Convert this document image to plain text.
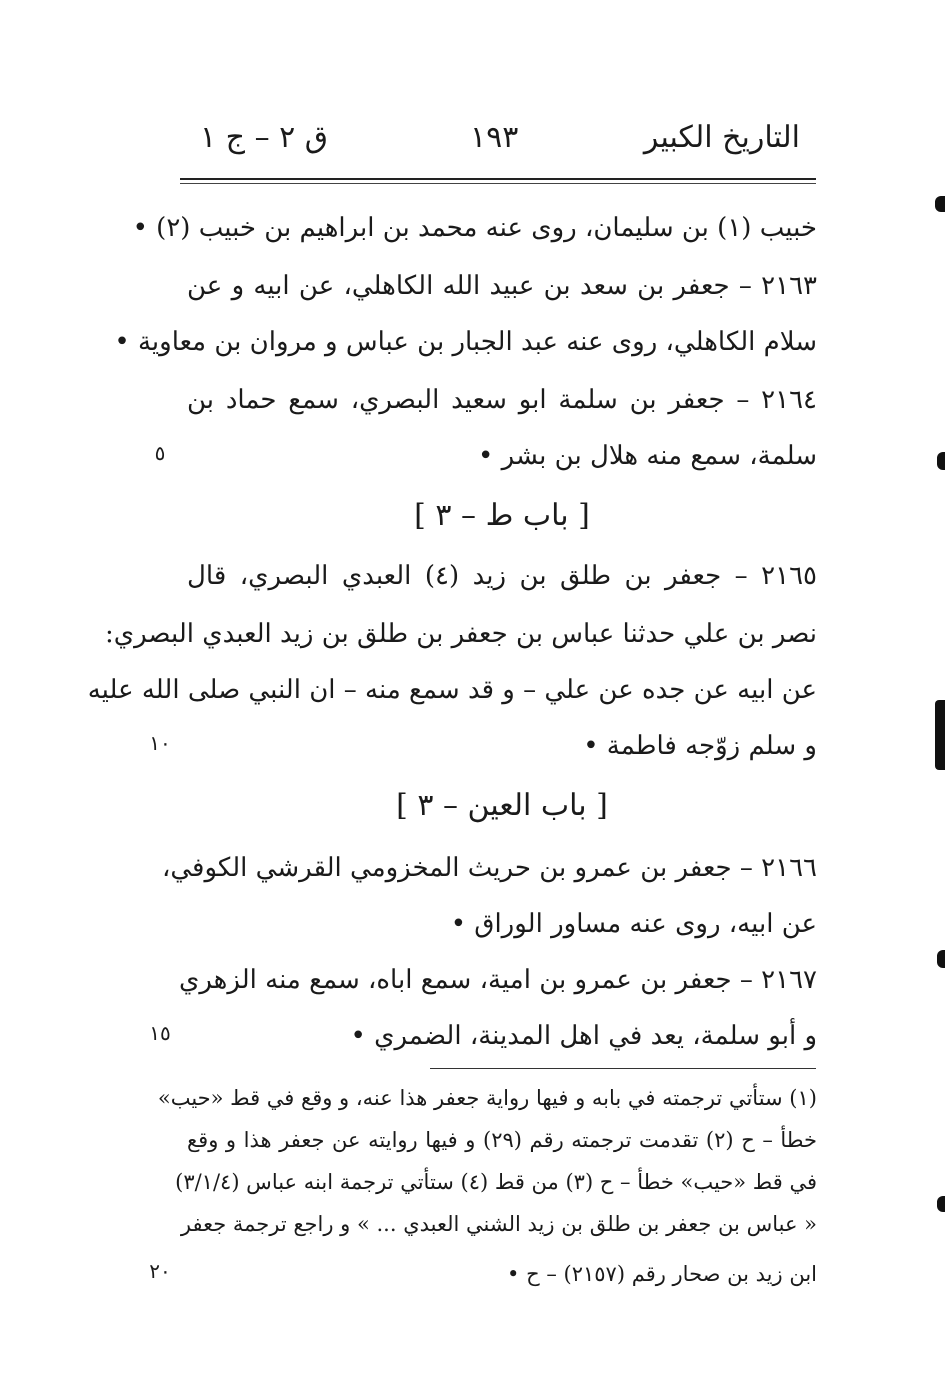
التاريخ الكبير
١٩٣
ق ٢ – ج ١
خبيب (١) بن سليمان، روى عنه محمد بن ابراهيم بن خبيب (٢) •
٢١٦٣ – جعفر بن سعد بن عبيد الله الكاهلي، عن ابيه و عن
سلام الكاهلي، روى عنه عبد الجبار بن عباس و مروان بن معاوية •
٢١٦٤ – جعفر بن سلمة ابو سعيد البصري، سمع حماد بن
سلمة، سمع منه هلال بن بشر •
[ باب ط – ٣ ]
٢١٦٥ – جعفر بن طلق بن زيد (٤) العبدي البصري، قال
نصر بن علي حدثنا عباس بن جعفر بن طلق بن زيد العبدي البصري:
عن ابيه عن جده عن علي – و قد سمع منه – ان النبي صلى الله عليه
و سلم زوّجه فاطمة •
[ باب العين – ٣ ]
٢١٦٦ – جعفر بن عمرو بن حريث المخزومي القرشي الكوفي،
عن ابيه، روى عنه مساور الوراق •
٢١٦٧ – جعفر بن عمرو بن امية، سمع اباه، سمع منه الزهري
و أبو سلمة، يعد في اهل المدينة، الضمري •
٥
١٠
١٥
٢٠
(١) ستأتي ترجمته في بابه و فيها رواية جعفر هذا عنه، و وقع في قط «حيب»
خطأ – ح (٢) تقدمت ترجمته رقم (٢٩) و فيها روايته عن جعفر هذا و وقع
في قط «حيب» خطأ – ح (٣) من قط (٤) ستأتي ترجمة ابنه عباس (٣/١/٤)
« عباس بن جعفر بن طلق بن زيد الشني العبدي ... » و راجع ترجمة جعفر
ابن زيد بن صحار رقم (٢١٥٧) – ح •
